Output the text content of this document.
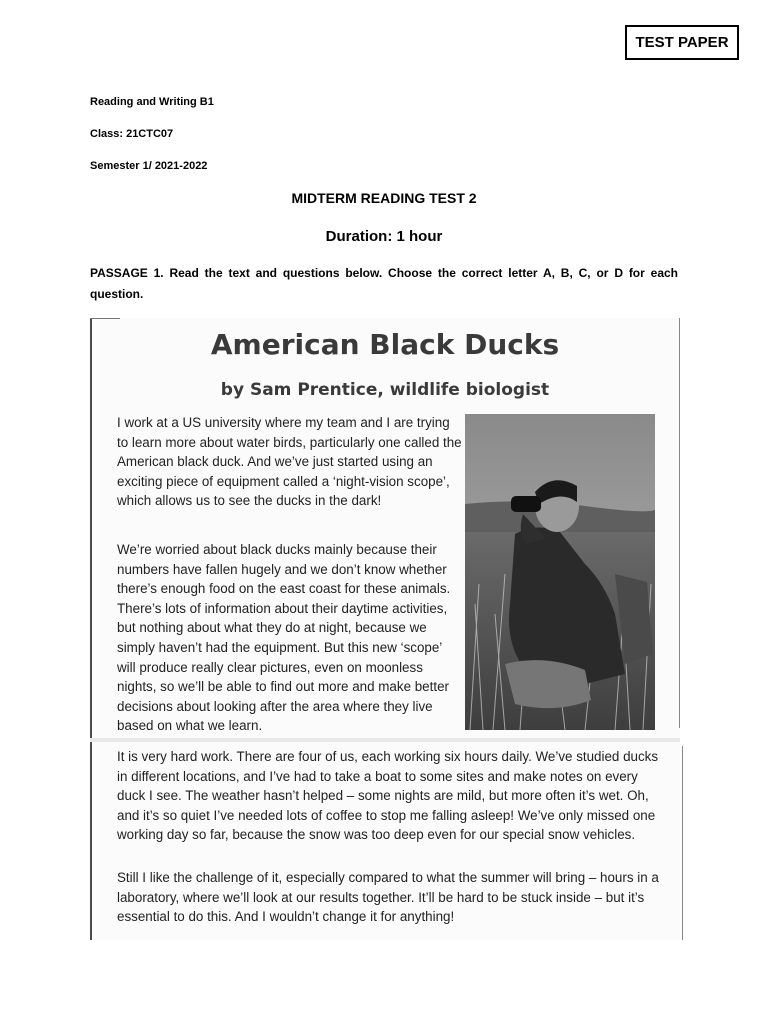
TEST PAPER
Reading and Writing B1
Class: 21CTC07
Semester 1/ 2021-2022
MIDTERM READING TEST 2
Duration: 1 hour
PASSAGE 1. Read the text and questions below. Choose the correct letter A, B, C, or D for each question.
American Black Ducks
by Sam Prentice, wildlife biologist

I work at a US university where my team and I are trying to learn more about water birds, particularly one called the American black duck. And we’ve just started using an exciting piece of equipment called a ‘night-vision scope’, which allows us to see the ducks in the dark!

We’re worried about black ducks mainly because their numbers have fallen hugely and we don’t know whether there’s enough food on the east coast for these animals. There’s lots of information about their daytime activities, but nothing about what they do at night, because we simply haven’t had the equipment. But this new ‘scope’ will produce really clear pictures, even on moonless nights, so we’ll be able to find out more and make better decisions about looking after the area where they live based on what we learn.

It is very hard work. There are four of us, each working six hours daily. We’ve studied ducks in different locations, and I’ve had to take a boat to some sites and make notes on every duck I see. The weather hasn’t helped – some nights are mild, but more often it’s wet. Oh, and it’s so quiet I’ve needed lots of coffee to stop me falling asleep! We’ve only missed one working day so far, because the snow was too deep even for our special snow vehicles.

Still I like the challenge of it, especially compared to what the summer will bring – hours in a laboratory, where we’ll look at our results together. It’ll be hard to be stuck inside – but it’s essential to do this. And I wouldn’t change it for anything!
